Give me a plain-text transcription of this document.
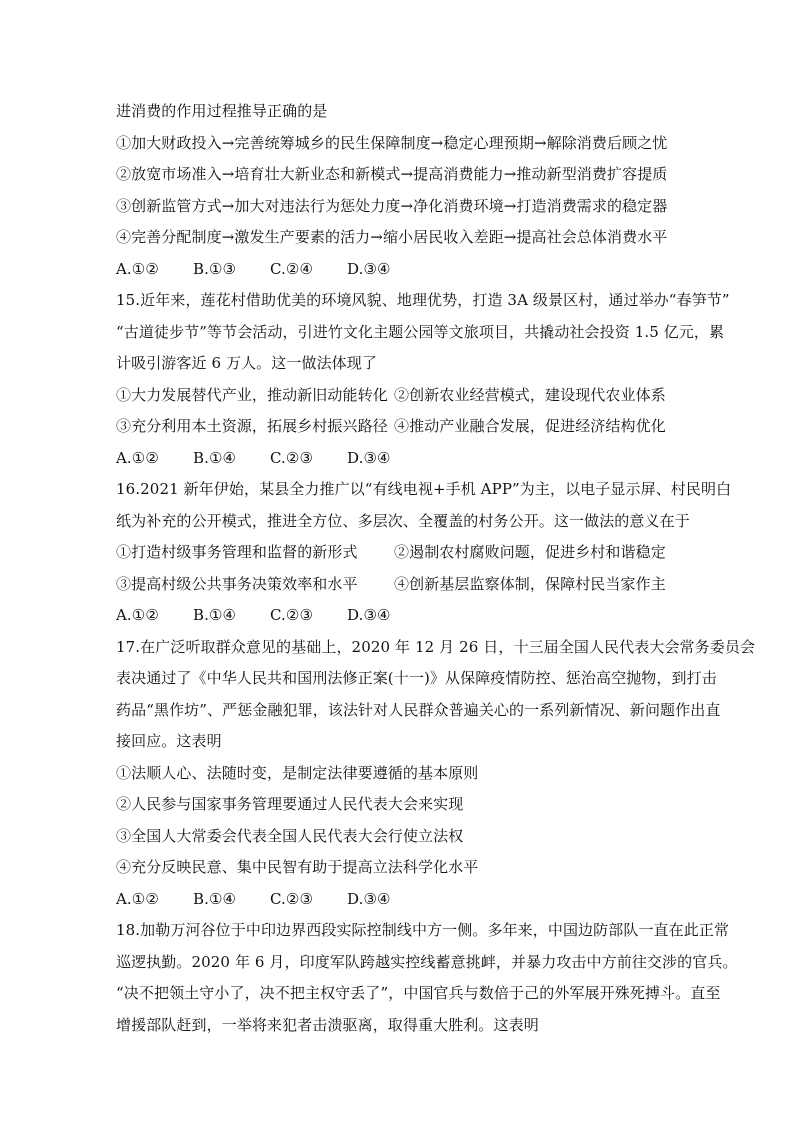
进消费的作用过程推导正确的是
①加大财政投入→完善统筹城乡的民生保障制度→稳定心理预期→解除消费后顾之忧
②放宽市场准入→培育壮大新业态和新模式→提高消费能力→推动新型消费扩容提质
③创新监管方式→加大对违法行为惩处力度→净化消费环境→打造消费需求的稳定器
④完善分配制度→激发生产要素的活力→缩小居民收入差距→提高社会总体消费水平
A.①②	B.①③	C.②④	D.③④
15.近年来，莲花村借助优美的环境风貌、地理优势，打造 3A 级景区村，通过举办“春笋节”
“古道徒步节”等节会活动，引进竹文化主题公园等文旅项目，共撬动社会投资 1.5 亿元，累
计吸引游客近 6 万人。这一做法体现了
①大力发展替代产业，推动新旧动能转化 ②创新农业经营模式，建设现代农业体系
③充分利用本土资源，拓展乡村振兴路径 ④推动产业融合发展，促进经济结构优化
A.①②	B.①④	C.②③	D.③④
16.2021 新年伊始，某县全力推广以“有线电视+手机 APP”为主，以电子显示屏、村民明白
纸为补充的公开模式，推进全方位、多层次、全覆盖的村务公开。这一做法的意义在于
①打造村级事务管理和监督的新形式	②遏制农村腐败问题，促进乡村和谐稳定
③提高村级公共事务决策效率和水平	④创新基层监察体制，保障村民当家作主
A.①②	B.①④	C.②③	D.③④
17.在广泛听取群众意见的基础上，2020 年 12 月 26 日，十三届全国人民代表大会常务委员会
表决通过了《中华人民共和国刑法修正案(十一)》从保障疫情防控、惩治高空抛物，到打击
药品“黑作坊”、严惩金融犯罪，该法针对人民群众普遍关心的一系列新情况、新问题作出直
接回应。这表明
①法顺人心、法随时变，是制定法律要遵循的基本原则
②人民参与国家事务管理要通过人民代表大会来实现
③全国人大常委会代表全国人民代表大会行使立法权
④充分反映民意、集中民智有助于提高立法科学化水平
A.①②	B.①④	C.②③	D.③④
18.加勒万河谷位于中印边界西段实际控制线中方一侧。多年来，中国边防部队一直在此正常
巡逻执勤。2020 年 6 月，印度军队跨越实控线蓄意挑衅，并暴力攻击中方前往交涉的官兵。
“决不把领土守小了，决不把主权守丢了”，中国官兵与数倍于己的外军展开殊死搏斗。直至
增援部队赶到，一举将来犯者击溃驱离，取得重大胜利。这表明
